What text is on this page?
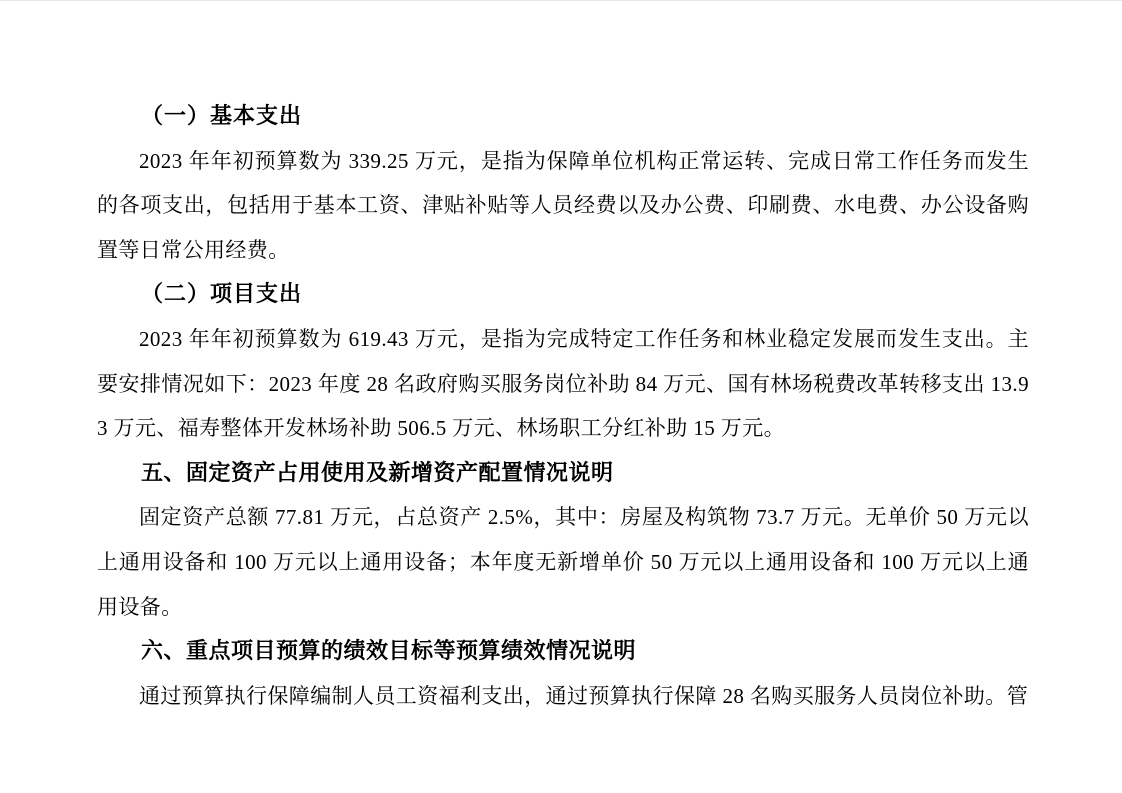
（一）基本支出

2023 年年初预算数为 339.25 万元，是指为保障单位机构正常运转、完成日常工作任务而发生的各项支出，包括用于基本工资、津贴补贴等人员经费以及办公费、印刷费、水电费、办公设备购置等日常公用经费。

（二）项目支出

2023 年年初预算数为 619.43 万元，是指为完成特定工作任务和林业稳定发展而发生支出。主要安排情况如下：2023 年度 28 名政府购买服务岗位补助 84 万元、国有林场税费改革转移支出 13.93 万元、福寿整体开发林场补助 506.5 万元、林场职工分红补助 15 万元。

五、固定资产占用使用及新增资产配置情况说明

固定资产总额 77.81 万元，占总资产 2.5%，其中：房屋及构筑物 73.7 万元。无单价 50 万元以上通用设备和 100 万元以上通用设备；本年度无新增单价 50 万元以上通用设备和 100 万元以上通用设备。

六、重点项目预算的绩效目标等预算绩效情况说明

通过预算执行保障编制人员工资福利支出，通过预算执行保障 28 名购买服务人员岗位补助。管
